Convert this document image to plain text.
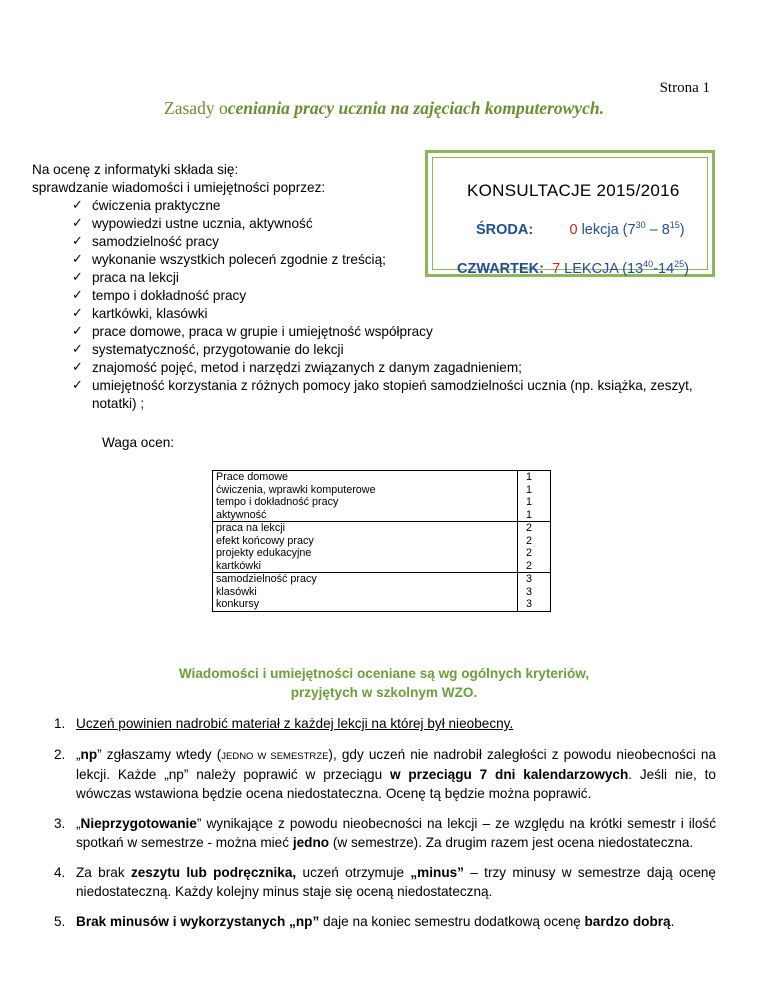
Strona 1
Zasady oceniania pracy ucznia na zajęciach komputerowych.
Na ocenę z informatyki składa się:
sprawdzanie wiadomości i umiejętności poprzez:
✓ ćwiczenia praktyczne
✓ wypowiedzi ustne ucznia, aktywność
✓ samodzielność pracy
✓ wykonanie wszystkich poleceń zgodnie z treścią;
✓ praca na lekcji
✓ tempo i dokładność pracy
✓ kartkówki, klasówki
✓ prace domowe, praca w grupie i umiejętność współpracy
✓ systematyczność, przygotowanie do lekcji
✓ znajomość pojęć, metod i narzędzi związanych z danym zagadnieniem;
✓ umiejętność korzystania z różnych pomocy jako stopień samodzielności ucznia (np. książka, zeszyt, notatki) ;
KONSULTACJE 2015/2016
ŚRODA:	0 lekcja $(7^{30} - 8^{15})$
CZWARTEK: 7 LEKCJA $(13^{40}-14^{25})$
Waga ocen:
Prace domowe	1
ćwiczenia, wprawki komputerowe	1
tempo i dokładność pracy	1
aktywność	1
praca na lekcji	2
efekt końcowy pracy	2
projekty edukacyjne	2
kartkówki	2
samodzielność pracy	3
klasówki	3
konkursy	3
Wiadomości i umiejętności oceniane są wg ogólnych kryteriów,
przyjętych w szkolnym WZO.
1. Uczeń powinien nadrobić materiał z każdej lekcji na której był nieobecny.
2. „np” zgłaszamy wtedy (JEDNO W SEMESTRZE), gdy uczeń nie nadrobił zaległości z powodu nieobecności na lekcji. Każde „np” należy poprawić w przeciągu w przeciągu 7 dni kalendarzowych. Jeśli nie, to wówczas wstawiona będzie ocena niedostateczna. Ocenę tą będzie można poprawić.
3. „Nieprzygotowanie” wynikające z powodu nieobecności na lekcji – ze względu na krótki semestr i ilość spotkań w semestrze - można mieć jedno (w semestrze). Za drugim razem jest ocena niedostateczna.
4. Za brak zeszytu lub podręcznika, uczeń otrzymuje „minus” – trzy minusy w semestrze dają ocenę niedostateczną. Każdy kolejny minus staje się oceną niedostateczną.
5. Brak minusów i wykorzystanych „np” daje na koniec semestru dodatkową ocenę bardzo dobrą.
